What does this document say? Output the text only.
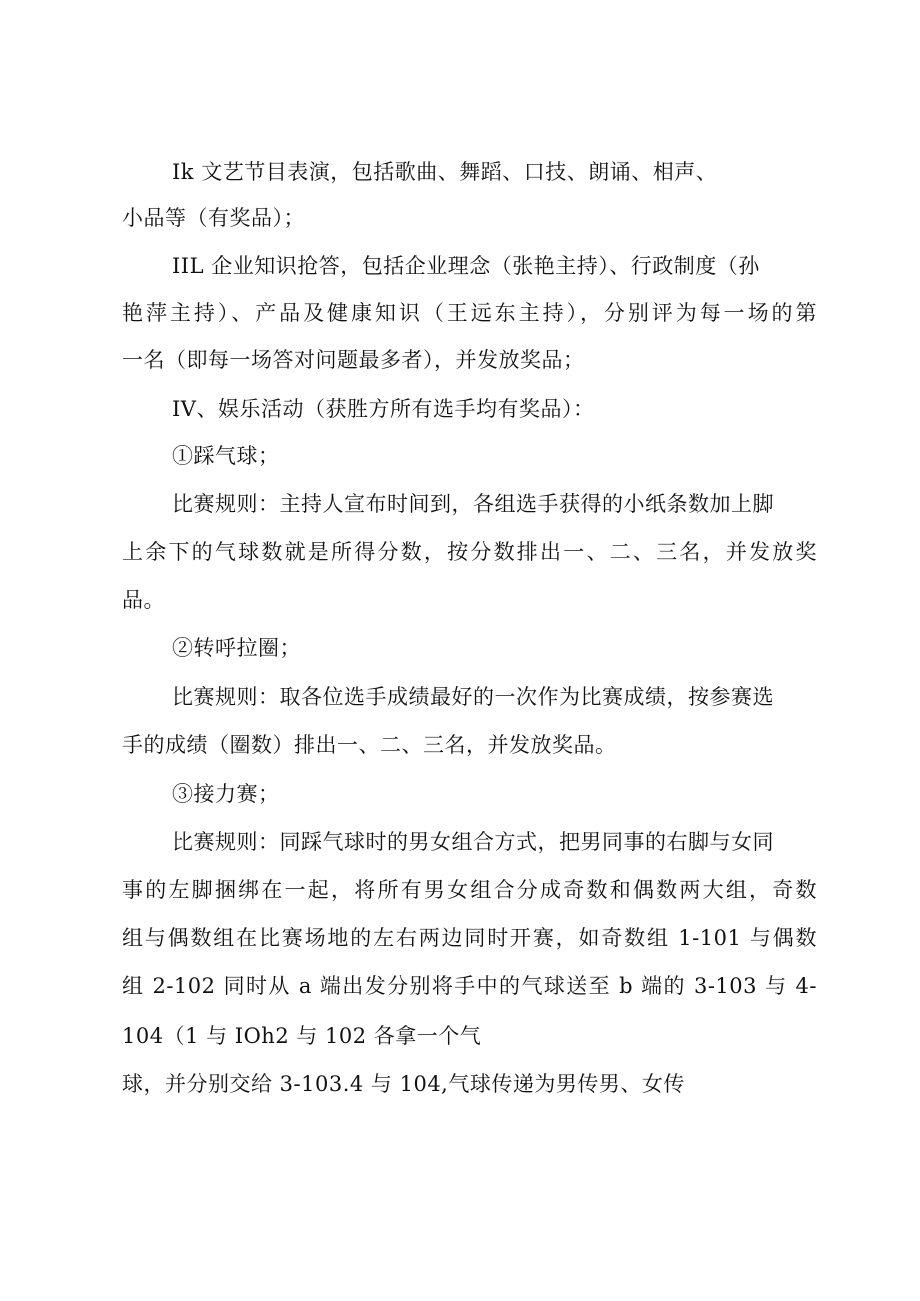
Ik 文艺节目表演，包括歌曲、舞蹈、口技、朗诵、相声、
小品等（有奖品）；
IIL 企业知识抢答，包括企业理念（张艳主持）、行政制度（孙
艳萍主持）、产品及健康知识（王远东主持），分别评为每一场的第
一名（即每一场答对问题最多者），并发放奖品；
IV、娱乐活动（获胜方所有选手均有奖品）：
①踩气球；
比赛规则：主持人宣布时间到，各组选手获得的小纸条数加上脚
上余下的气球数就是所得分数，按分数排出一、二、三名，并发放奖
品。
②转呼拉圈；
比赛规则：取各位选手成绩最好的一次作为比赛成绩，按参赛选
手的成绩（圈数）排出一、二、三名，并发放奖品。
③接力赛；
比赛规则：同踩气球时的男女组合方式，把男同事的右脚与女同
事的左脚捆绑在一起，将所有男女组合分成奇数和偶数两大组，奇数
组与偶数组在比赛场地的左右两边同时开赛，如奇数组 1-101 与偶数
组 2-102 同时从 a 端出发分别将手中的气球送至 b 端的 3-103 与 4-
104（1 与 IOh2 与 102 各拿一个气
球，并分别交给 3-103.4 与 104,气球传递为男传男、女传
